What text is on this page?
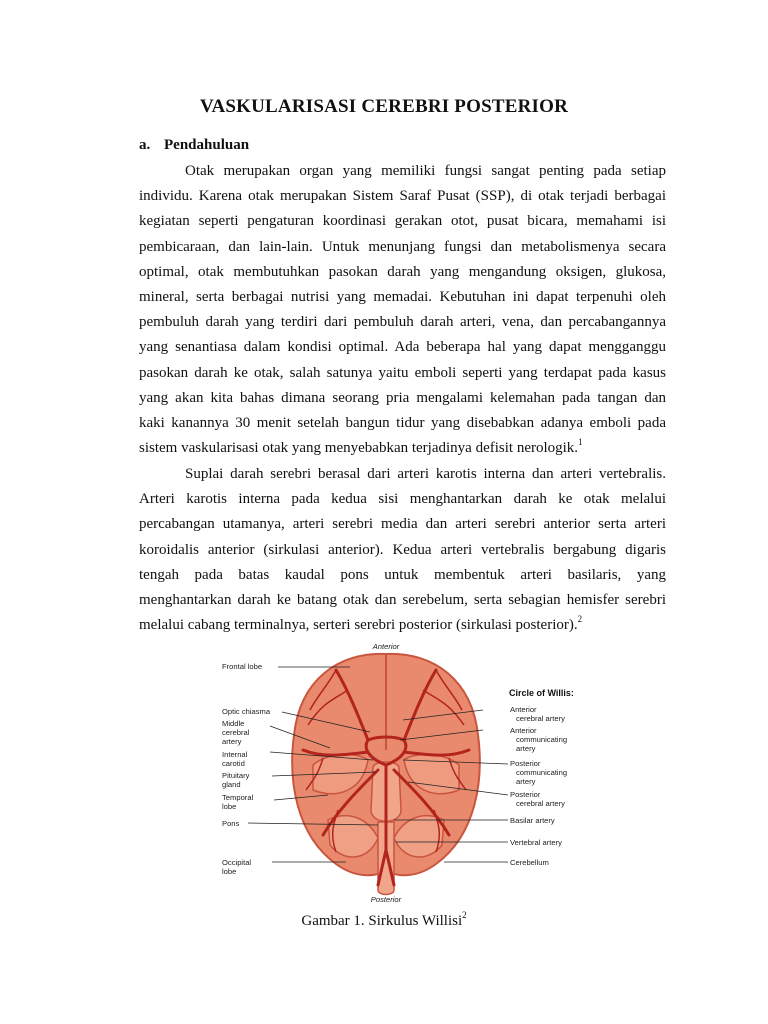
VASKULARISASI CEREBRI POSTERIOR
a. Pendahuluan
Otak merupakan organ yang memiliki fungsi sangat penting pada setiap
individu. Karena otak merupakan Sistem Saraf Pusat (SSP), di otak terjadi berbagai
kegiatan seperti pengaturan koordinasi gerakan otot, pusat bicara, memahami isi
pembicaraan, dan lain-lain. Untuk menunjang fungsi dan metabolismenya secara
optimal, otak membutuhkan pasokan darah yang mengandung oksigen, glukosa,
mineral, serta berbagai nutrisi yang memadai. Kebutuhan ini dapat terpenuhi oleh
pembuluh darah yang terdiri dari pembuluh darah arteri, vena, dan percabangannya
yang senantiasa dalam kondisi optimal. Ada beberapa hal yang dapat mengganggu
pasokan darah ke otak, salah satunya yaitu emboli seperti yang terdapat pada kasus
yang akan kita bahas dimana seorang pria mengalami kelemahan pada tangan dan
kaki kanannya 30 menit setelah bangun tidur yang disebabkan adanya emboli pada
sistem vaskularisasi otak yang menyebabkan terjadinya defisit nerologik.$^1$
Suplai darah serebri berasal dari arteri karotis interna dan arteri vertebralis.
Arteri karotis interna pada kedua sisi menghantarkan darah ke otak melalui
percabangan utamanya, arteri serebri media dan arteri serebri anterior serta arteri
koroidalis anterior (sirkulasi anterior). Kedua arteri vertebralis bergabung digaris
tengah pada batas kaudal pons untuk membentuk arteri basilaris, yang
menghantarkan darah ke batang otak dan serebelum, serta sebagian hemisfer serebri
melalui cabang terminalnya, serteri serebri posterior (sirkulasi posterior).$^2$
Anterior
Posterior
Frontal lobe
Optic chiasma
Middle
cerebral
artery
Internal
carotid
Pituitary
gland
Temporal
lobe
Pons
Occipital
lobe
Circle of Willis:
Anterior
cerebral artery
Anterior
communicating
artery
Posterior
communicating
artery
Posterior
cerebral artery
Basilar artery
Vertebral artery
Cerebellum
Gambar 1. Sirkulus Willisi$^2$
